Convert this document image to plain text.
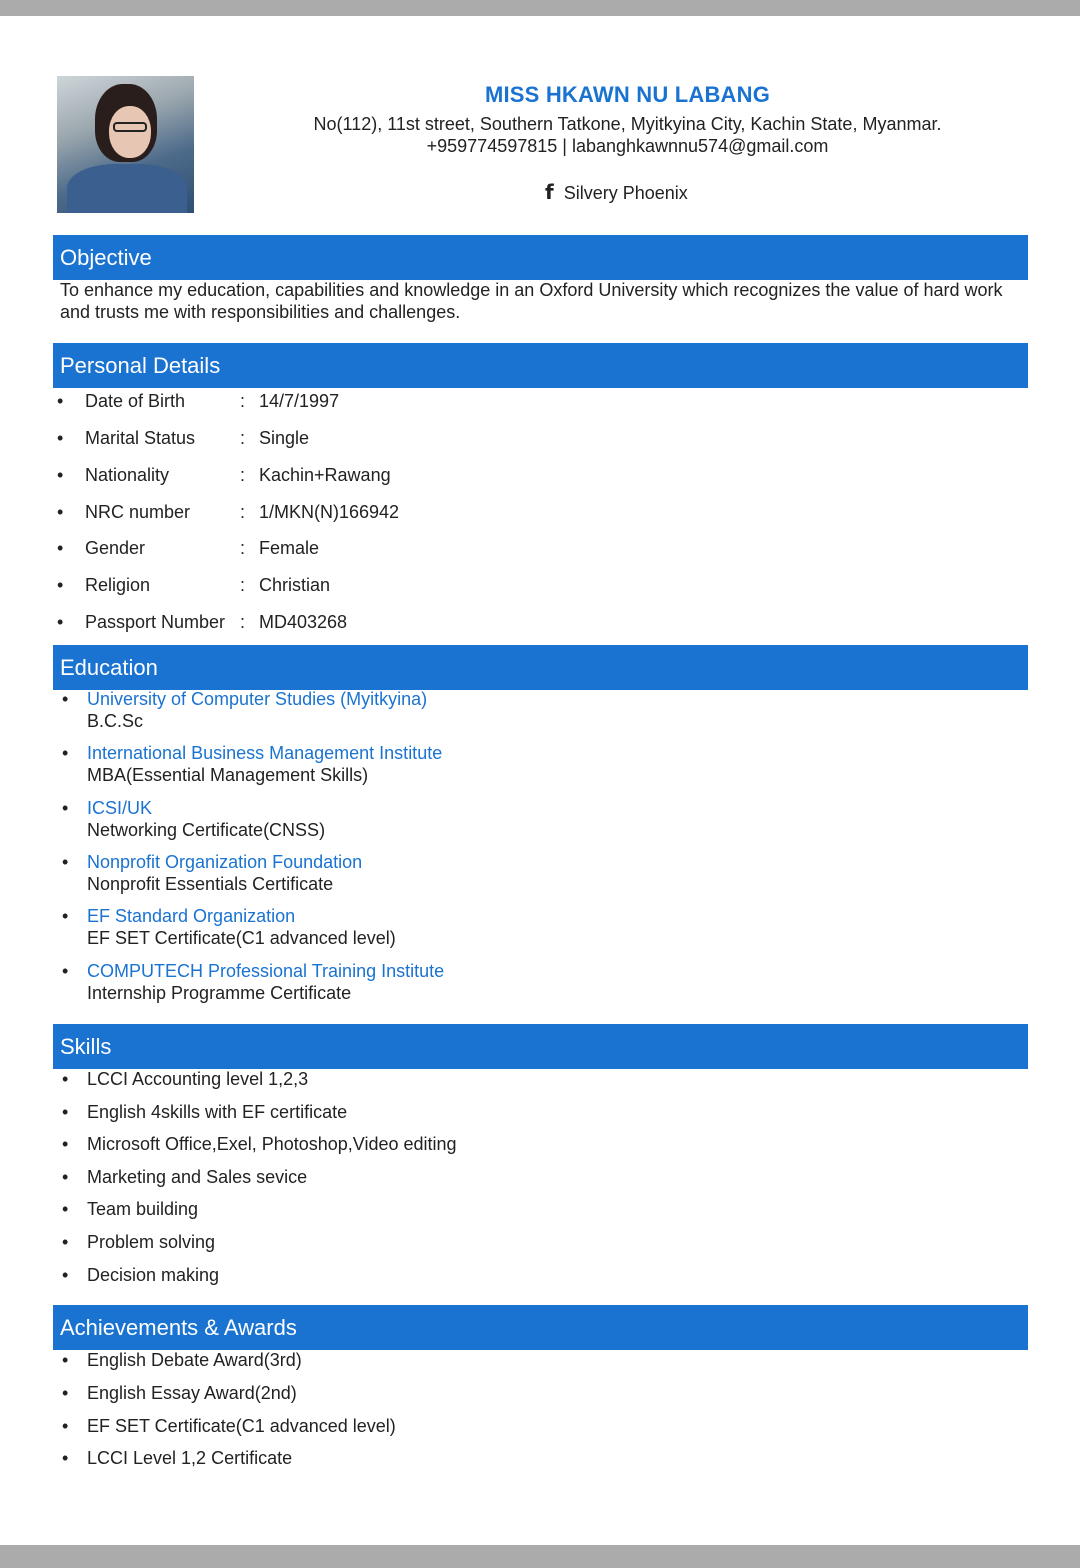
MISS HKAWN NU LABANG
No(112), 11st street, Southern Tatkone, Myitkyina City, Kachin State, Myanmar.
+959774597815 | labanghkawnnu574@gmail.com
f Silvery Phoenix
Objective
To enhance my education, capabilities and knowledge in an Oxford University which recognizes the value of hard work and trusts me with responsibilities and challenges.
Personal Details
• Date of Birth	: 14/7/1997
• Marital Status : Single
• Nationality	: Kachin+Rawang
• NRC number	: 1/MKN(N)166942
• Gender	: Female
• Religion	: Christian
• Passport Number : MD403268
Education
• University of Computer Studies (Myitkyina)
B.C.Sc
• International Business Management Institute
MBA(Essential Management Skills)
• ICSI/UK
Networking Certificate(CNSS)
• Nonprofit Organization Foundation
Nonprofit Essentials Certificate
• EF Standard Organization
EF SET Certificate(C1 advanced level)
• COMPUTECH Professional Training Institute
Internship Programme Certificate
Skills
• LCCI Accounting level 1,2,3
• English 4skills with EF certificate
• Microsoft Office,Exel, Photoshop,Video editing
• Marketing and Sales sevice
• Team building
• Problem solving
• Decision making
Achievements & Awards
• English Debate Award(3rd)
• English Essay Award(2nd)
• EF SET Certificate(C1 advanced level)
• LCCI Level 1,2 Certificate
